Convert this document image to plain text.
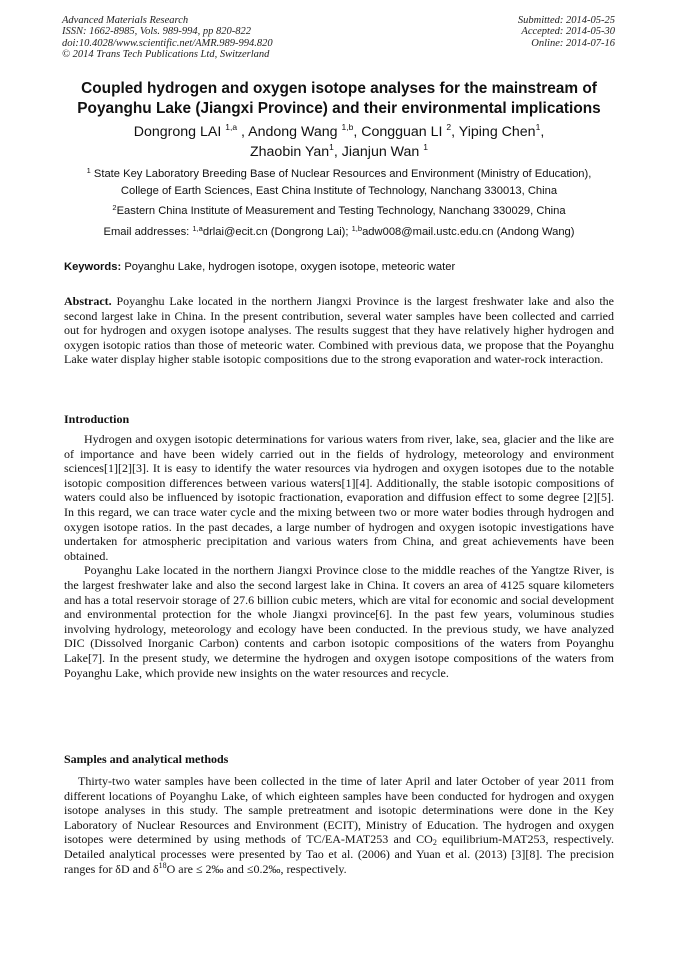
Advanced Materials Research
ISSN: 1662-8985, Vols. 989-994, pp 820-822
doi:10.4028/www.scientific.net/AMR.989-994.820
© 2014 Trans Tech Publications Ltd, Switzerland
Submitted: 2014-05-25
Accepted: 2014-05-30
Online: 2014-07-16
Coupled hydrogen and oxygen isotope analyses for the mainstream of
Poyanghu Lake (Jiangxi Province) and their environmental implications
Dongrong LAI $^{1,a}$ , Andong Wang $^{1,b}$, Congguan LI $^2$, Yiping Chen$^1$,
Zhaobin Yan$^1$, Jianjun Wan $^1$
$^1$ State Key Laboratory Breeding Base of Nuclear Resources and Environment (Ministry of Education),
College of Earth Sciences, East China Institute of Technology, Nanchang 330013, China
$^2$Eastern China Institute of Measurement and Testing Technology, Nanchang 330029, China
Email addresses: $^{1,a}$drlai@ecit.cn (Dongrong Lai); $^{1,b}$adw008@mail.ustc.edu.cn (Andong Wang)
Keywords: Poyanghu Lake, hydrogen isotope, oxygen isotope, meteoric water

Abstract. Poyanghu Lake located in the northern Jiangxi Province is the largest freshwater lake and also the second largest lake in China. In the present contribution, several water samples have been collected and carried out for hydrogen and oxygen isotope analyses. The results suggest that they have relatively higher hydrogen and oxygen isotopic ratios than those of meteoric water. Combined with previous data, we propose that the Poyanghu Lake water display higher stable isotopic compositions due to the strong evaporation and water-rock interaction.

Introduction

Hydrogen and oxygen isotopic determinations for various waters from river, lake, sea, glacier and the like are of importance and have been widely carried out in the fields of hydrology, meteorology and environment sciences[1][2][3]. It is easy to identify the water resources via hydrogen and oxygen isotopes due to the notable isotopic composition differences between various waters[1][4]. Additionally, the stable isotopic compositions of waters could also be influenced by isotopic fractionation, evaporation and diffusion effect to some degree [2][5]. In this regard, we can trace water cycle and the mixing between two or more water bodies through hydrogen and oxygen isotope ratios. In the past decades, a large number of hydrogen and oxygen isotopic investigations have undertaken for atmospheric precipitation and various waters from China, and great achievements have been obtained.

Poyanghu Lake located in the northern Jiangxi Province close to the middle reaches of the Yangtze River, is the largest freshwater lake and also the second largest lake in China. It covers an area of 4125 square kilometers and has a total reservoir storage of 27.6 billion cubic meters, which are vital for economic and social development and environmental protection for the whole Jiangxi province[6]. In the past few years, voluminous studies involving hydrology, meteorology and ecology have been conducted. In the previous study, we have analyzed DIC (Dissolved Inorganic Carbon) contents and carbon isotopic compositions of the waters from Poyanghu Lake[7]. In the present study, we determine the hydrogen and oxygen isotope compositions of the waters from Poyanghu Lake, which provide new insights on the water resources and recycle.

Samples and analytical methods

Thirty-two water samples have been collected in the time of later April and later October of year 2011 from different locations of Poyanghu Lake, of which eighteen samples have been conducted for hydrogen and oxygen isotope analyses in this study. The sample pretreatment and isotopic determinations were done in the Key Laboratory of Nuclear Resources and Environment (ECIT), Ministry of Education. The hydrogen and oxygen isotopes were determined by using methods of TC/EA-MAT253 and $CO_2$ equilibrium-MAT253, respectively. Detailed analytical processes were presented by Tao et al. (2006) and Yuan et al. (2013) [3][8]. The precision ranges for δD and $\delta^{18}O$ are ≤ 2‰ and ≤0.2‰, respectively.
